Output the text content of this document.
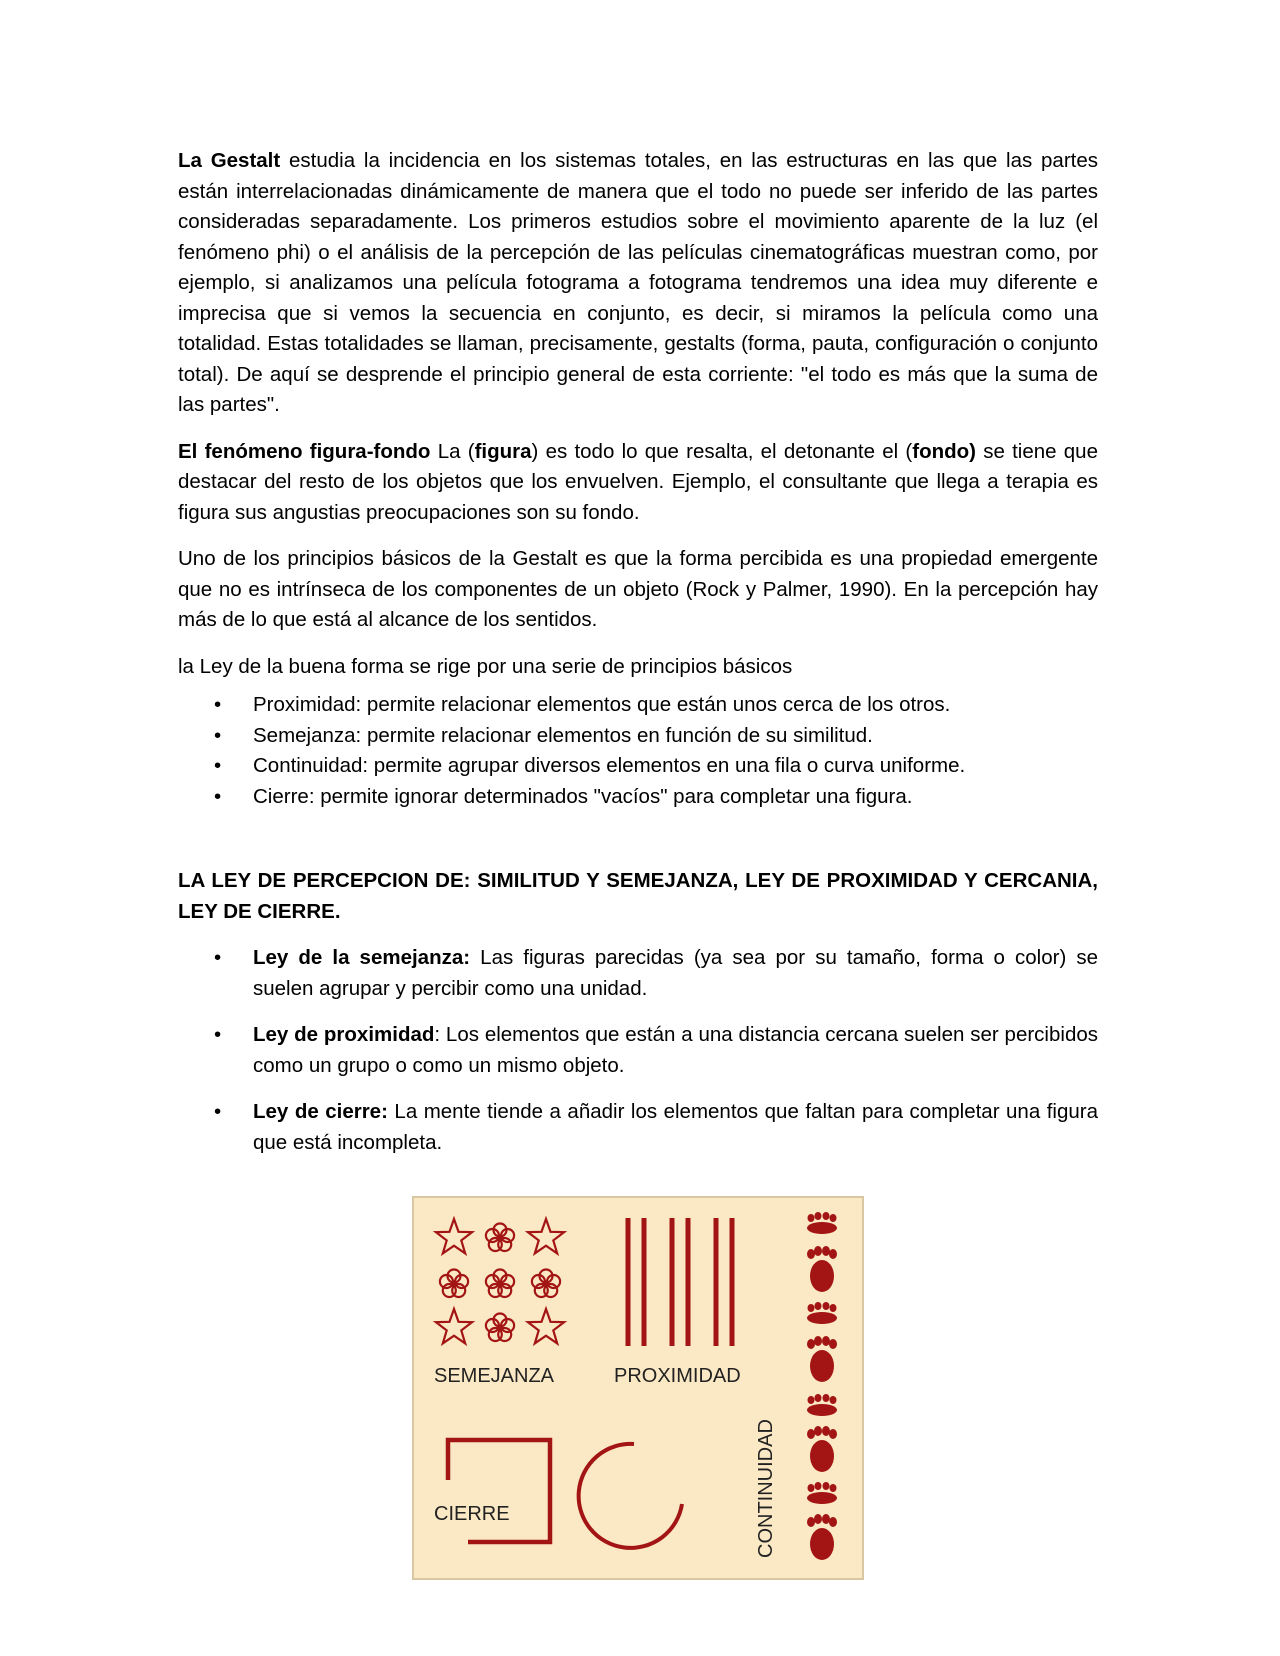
La Gestalt estudia la incidencia en los sistemas totales, en las estructuras en las que las partes están interrelacionadas dinámicamente de manera que el todo no puede ser inferido de las partes consideradas separadamente. Los primeros estudios sobre el movimiento aparente de la luz (el fenómeno phi) o el análisis de la percepción de las películas cinematográficas muestran como, por ejemplo, si analizamos una película fotograma a fotograma tendremos una idea muy diferente e imprecisa que si vemos la secuencia en conjunto, es decir, si miramos la película como una totalidad. Estas totalidades se llaman, precisamente, gestalts (forma, pauta, configuración o conjunto total). De aquí se desprende el principio general de esta corriente: "el todo es más que la suma de las partes".

El fenómeno figura-fondo La (figura) es todo lo que resalta, el detonante el (fondo) se tiene que destacar del resto de los objetos que los envuelven. Ejemplo, el consultante que llega a terapia es figura sus angustias preocupaciones son su fondo.

Uno de los principios básicos de la Gestalt es que la forma percibida es una propiedad emergente que no es intrínseca de los componentes de un objeto (Rock y Palmer, 1990). En la percepción hay más de lo que está al alcance de los sentidos.

la Ley de la buena forma se rige por una serie de principios básicos

• Proximidad: permite relacionar elementos que están unos cerca de los otros.
• Semejanza: permite relacionar elementos en función de su similitud.
• Continuidad: permite agrupar diversos elementos en una fila o curva uniforme.
• Cierre: permite ignorar determinados "vacíos" para completar una figura.

LA LEY DE PERCEPCION DE: SIMILITUD Y SEMEJANZA, LEY DE PROXIMIDAD Y CERCANIA, LEY DE CIERRE.

• Ley de la semejanza: Las figuras parecidas (ya sea por su tamaño, forma o color) se suelen agrupar y percibir como una unidad.
• Ley de proximidad: Los elementos que están a una distancia cercana suelen ser percibidos como un grupo o como un mismo objeto.
• Ley de cierre: La mente tiende a añadir los elementos que faltan para completar una figura que está incompleta.
SEMEJANZA	PROXIMIDAD
CONTINUIDAD
CIERRE
